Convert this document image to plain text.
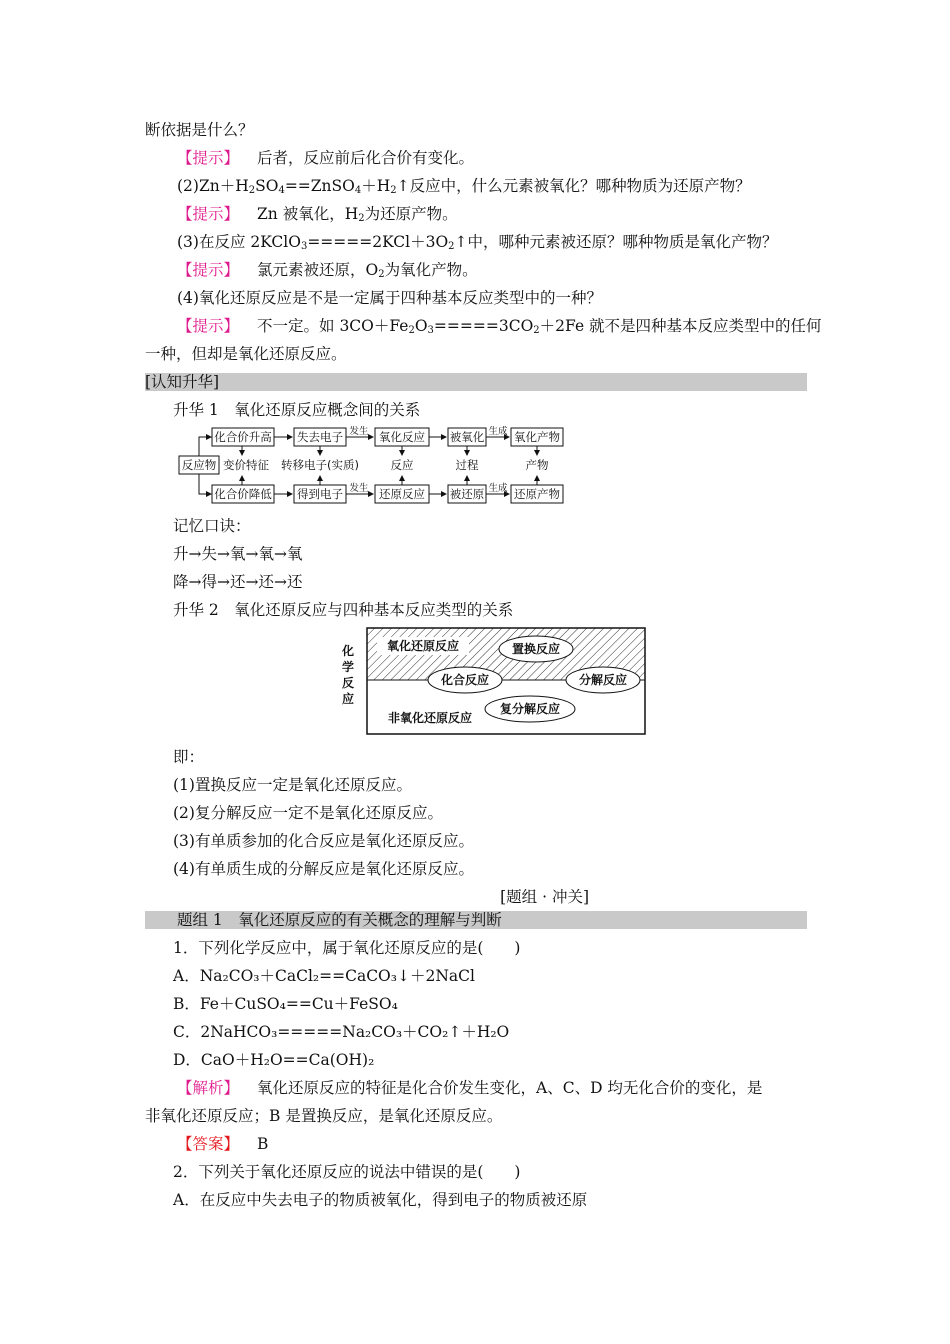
断依据是什么？
【提示】 后者，反应前后化合价有变化。
$(2)Zn+H_2SO_4==ZnSO_4+H_2↑$反应中，什么元素被氧化？哪种物质为还原产物？
【提示】 Zn 被氧化，$H_2$为还原产物。
(3)在反应 $2KClO_3=====2KCl+3O_2↑$中，哪种元素被还原？哪种物质是氧化产物？
【提示】 氯元素被还原，$O_2$为氧化产物。
(4)氧化还原反应是不是一定属于四种基本反应类型中的一种？
【提示】 不一定。如 $3CO+Fe_2O_3=====3CO_2+2Fe$ 就不是四种基本反应类型中的任何
一种，但却是氧化还原反应。
[认知升华]
升华 1　氧化还原反应概念间的关系
反应物
化合价升高 失去电子	氧化反应 被氧化	氧化产物
化合价降低 得到电子	还原反应 被还原	还原产物
变价特征 转移电子(实质)	反应	过程	产物
发生	生成
发生	生成
记忆口诀：
升→失→氧→氧→氧
降→得→还→还→还
升华 2　氧化还原反应与四种基本反应类型的关系
化
学
反
应
氧化还原反应
非氧化还原反应
置换反应
化合反应	分解反应
复分解反应
即：
(1)置换反应一定是氧化还原反应。
(2)复分解反应一定不是氧化还原反应。
(3)有单质参加的化合反应是氧化还原反应。
(4)有单质生成的分解反应是氧化还原反应。
[题组 · 冲关]
题组 1　氧化还原反应的有关概念的理解与判断
1．下列化学反应中，属于氧化还原反应的是(　　)
A．Na₂CO₃＋CaCl₂==CaCO₃↓＋2NaCl
B．Fe＋CuSO₄==Cu＋FeSO₄
C．2NaHCO₃=====Na₂CO₃＋CO₂↑＋H₂O
D．CaO＋H₂O==Ca(OH)₂
【解析】 氧化还原反应的特征是化合价发生变化，A、C、D 均无化合价的变化，是
非氧化还原反应；B 是置换反应，是氧化还原反应。
【答案】 B
2．下列关于氧化还原反应的说法中错误的是(　　)
A．在反应中失去电子的物质被氧化，得到电子的物质被还原
